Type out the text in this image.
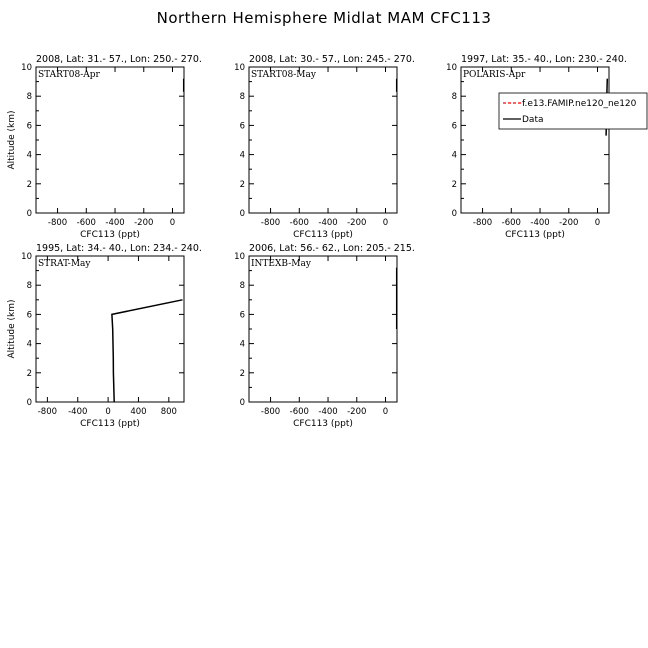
Northern Hemisphere Midlat MAM CFC113
2008, Lat: 31.- 57., Lon: 250.- 270.
0
2
4
6
8
10
-800 -600 -400 -200 0
CFC113 (ppt)
Altitude (km)
START08-Apr
2008, Lat: 30.- 57., Lon: 245.- 270.
0
2
4
6
8
10
-800 -600 -400 -200 0
CFC113 (ppt)
START08-May
1997, Lat: 35.- 40., Lon: 230.- 240.
0
2
4
6
8
10
-800 -600 -400 -200 0
CFC113 (ppt)
POLARIS-Apr
f.e13.FAMIP.ne120_ne120
Data
1995, Lat: 34.- 40., Lon: 234.- 240.
0
2
4
6
8
10
-800 -400 0 400 800
CFC113 (ppt)
Altitude (km)
STRAT-May
2006, Lat: 56.- 62., Lon: 205.- 215.
0
2
4
6
8
10
-800 -600 -400 -200 0
CFC113 (ppt)
INTEXB-May
